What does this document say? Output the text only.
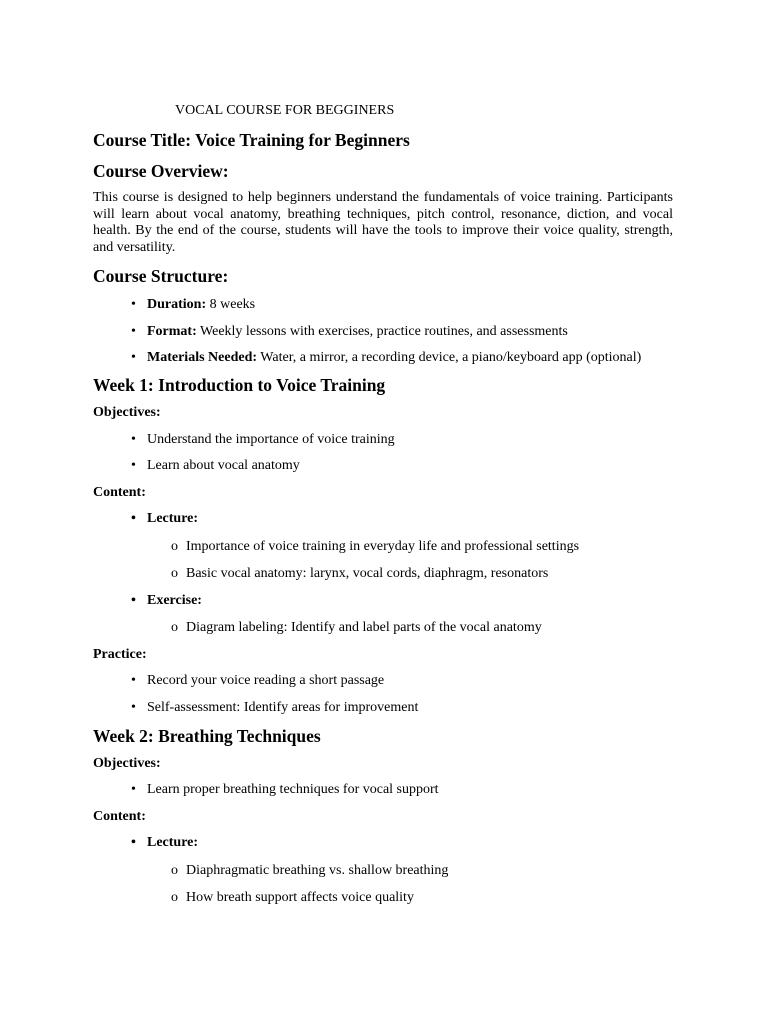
VOCAL COURSE FOR BEGGINERS

Course Title: Voice Training for Beginners
Course Overview:

This course is designed to help beginners understand the fundamentals of voice training. Participants will learn about vocal anatomy, breathing techniques, pitch control, resonance, diction, and vocal health. By the end of the course, students will have the tools to improve their voice quality, strength, and versatility.

Course Structure:
• Duration: 8 weeks
• Format: Weekly lessons with exercises, practice routines, and assessments
• Materials Needed: Water, a mirror, a recording device, a piano/keyboard app (optional)
Week 1: Introduction to Voice Training

Objectives:

• Understand the importance of voice training
• Learn about vocal anatomy

Content:

• Lecture:
o Importance of voice training in everyday life and professional settings
o Basic vocal anatomy: larynx, vocal cords, diaphragm, resonators
• Exercise:
o Diagram labeling: Identify and label parts of the vocal anatomy

Practice:

• Record your voice reading a short passage
• Self-assessment: Identify areas for improvement
Week 2: Breathing Techniques

Objectives:

• Learn proper breathing techniques for vocal support

Content:

• Lecture:
o Diaphragmatic breathing vs. shallow breathing
o How breath support affects voice quality
